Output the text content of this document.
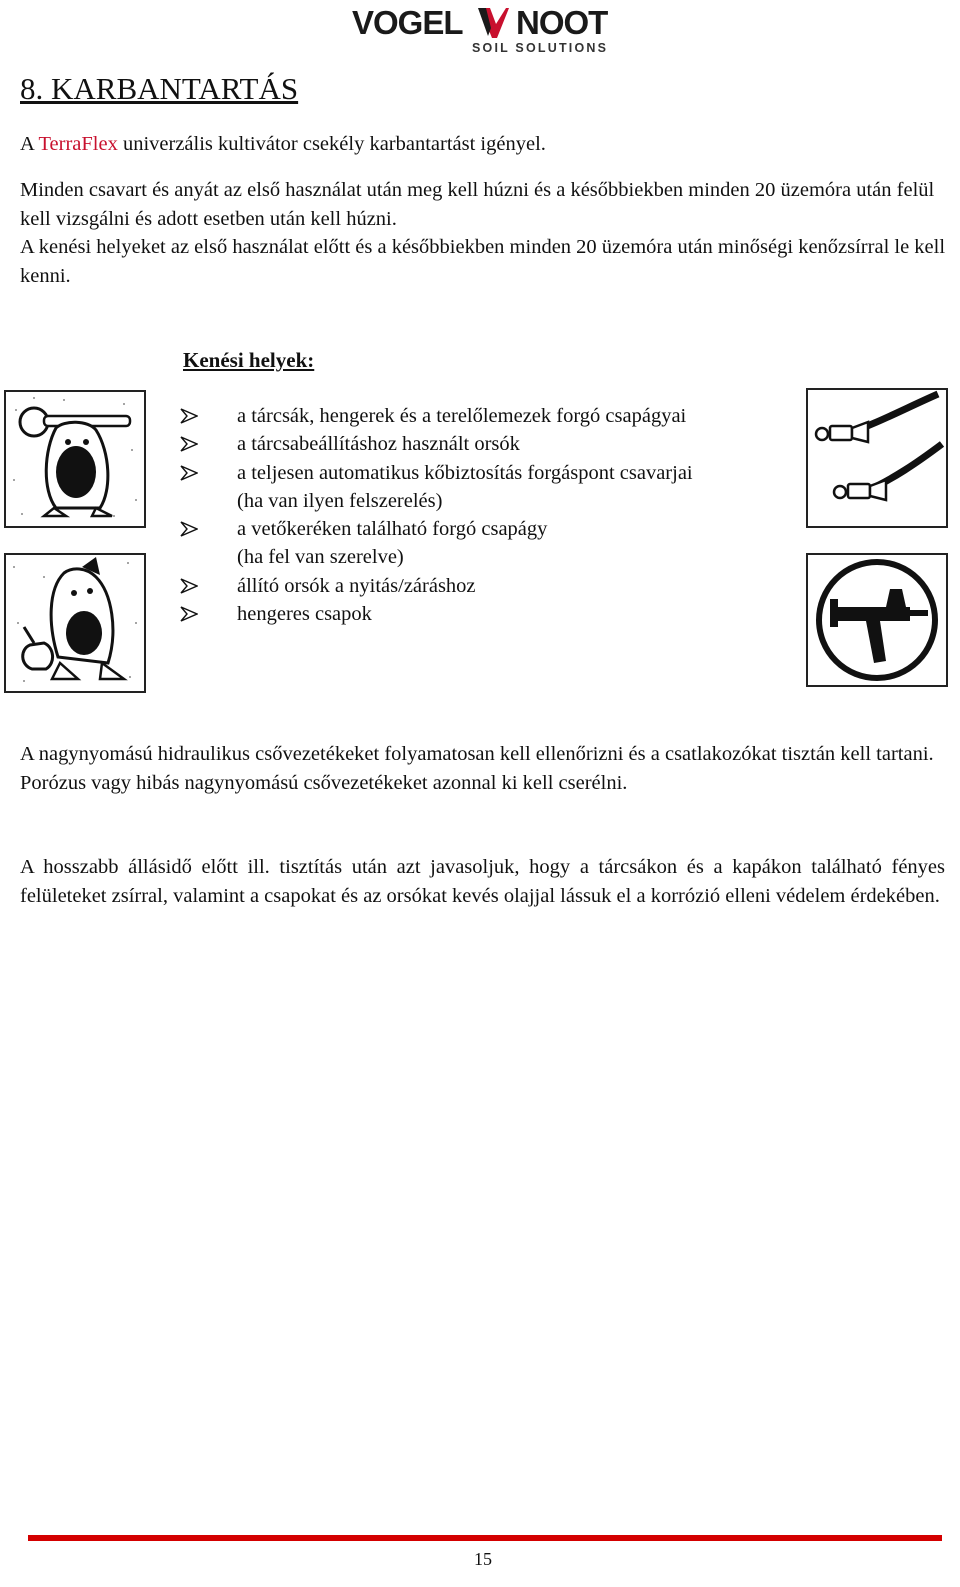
VOGEL NOOT
SOIL SOLUTIONS
8. KARBANTARTÁS

A TerraFlex univerzális kultivátor csekély karbantartást igényel.

Minden csavart és anyát az első használat után meg kell húzni és a későbbiekben minden 20 üzemóra után felül kell vizsgálni és adott esetben után kell húzni.

A kenési helyeket az első használat előtt és a későbbiekben minden 20 üzemóra után minőségi kenőzsírral le kell kenni.

Kenési helyek:
a tárcsák, hengerek és a terelőlemezek forgó csapágyai
a tárcsabeállításhoz használt orsók
a teljesen automatikus kőbiztosítás forgáspont csavarjai
(ha van ilyen felszerelés)
a vetőkeréken található forgó csapágy
(ha fel van szerelve)
állító orsók a nyitás/záráshoz
hengeres csapok

A nagynyomású hidraulikus csővezetékeket folyamatosan kell ellenőrizni és a csatlakozókat tisztán kell tartani.
Porózus vagy hibás nagynyomású csővezetékeket azonnal ki kell cserélni.

A hosszabb állásidő előtt ill. tisztítás után azt javasoljuk, hogy a tárcsákon és a kapákon található fényes felületeket zsírral, valamint a csapokat és az orsókat kevés olajjal lássuk el a korrózió elleni védelem érdekében.

15
